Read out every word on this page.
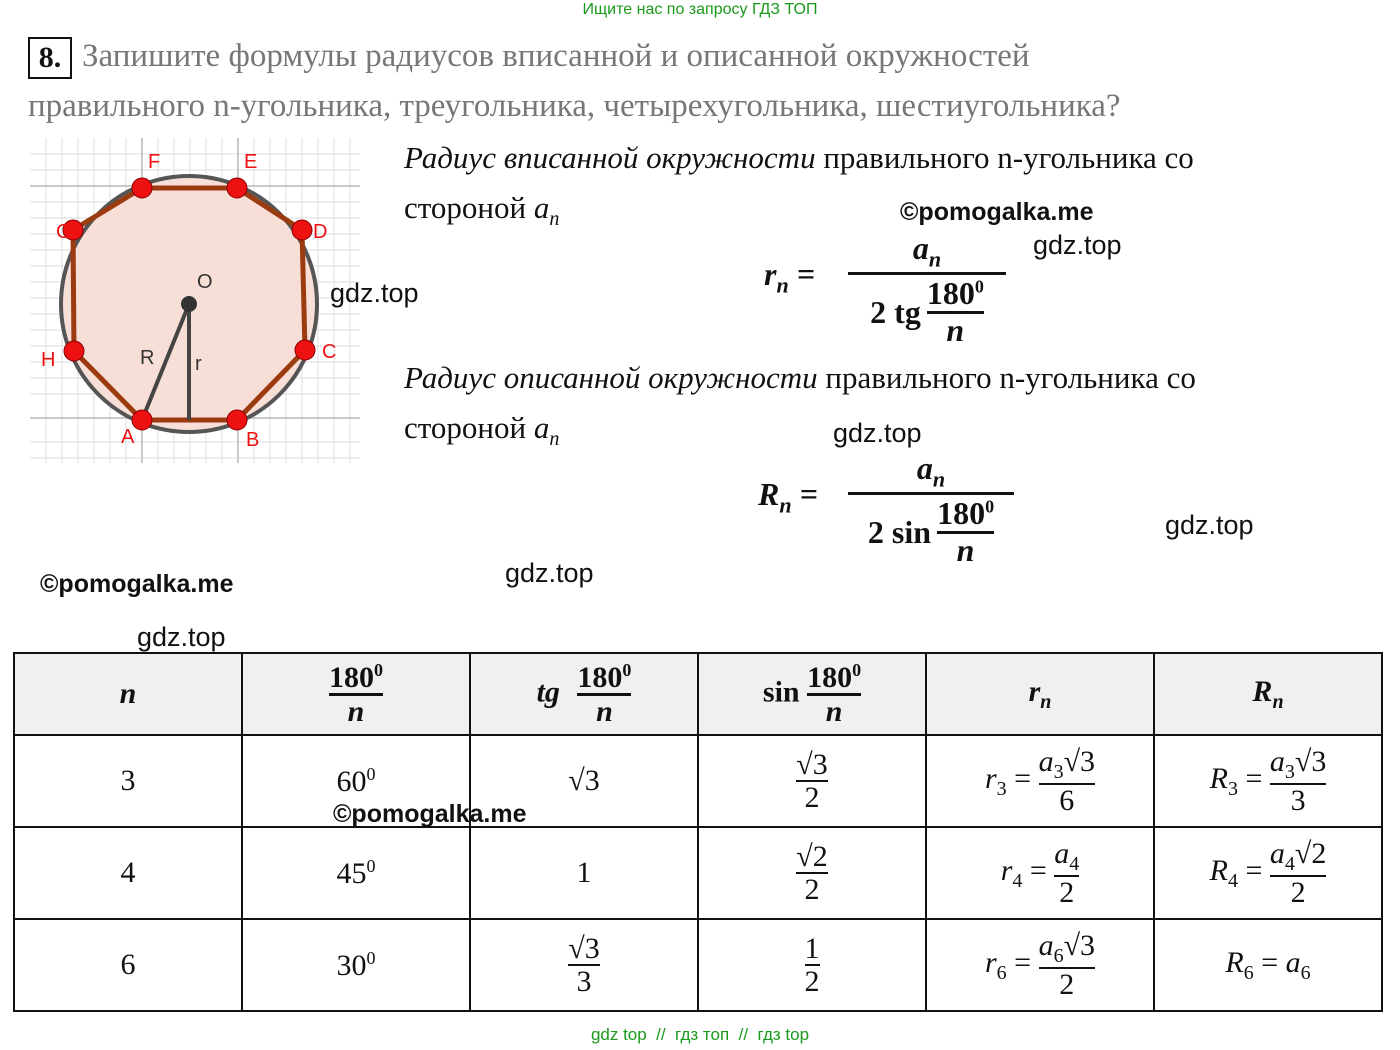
Ищите нас по запросу ГДЗ ТОП
8. Запишите формулы радиусов вписанной и описанной окружностей
правильного n-угольника, треугольника, четырехугольника, шестиугольника?
F	E
G	D
H	C
A	B
O
R r
Радиус вписанной окружности правильного n-угольника со
стороной $a_n$
$r_n$ =
$a_n$
2 tg
$180^0$
n
Радиус описанной окружности правильного n-угольника со
стороной $a_n$
$R_n$ =
$a_n$
2 sin
$180^0$
n
©pomogalka.me
gdz.top
gdz.top
gdz.top
gdz.top
gdz.top
©pomogalka.me
gdz.top
n	$\frac{180^0}{n}$	tg $\frac{180^0}{n}$	$\sin \frac{180^0}{n}$	$r_n$	$R_n$
3	$60^0$	√3	$\frac{√3}{2}$	$r_3 = \frac{a_3√3}{6}$	$R_3 = \frac{a_3√3}{3}$

4	$45^0$	1	$\frac{√2}{2}$	$r_4 = \frac{a_4}{2}$	$R_4 = \frac{a_4√2}{2}$

6	$30^0$	$\frac{√3}{3}$	$\frac{1}{2}$	$r_6 = \frac{a_6√3}{2}$	$R_6 = a_6$
©pomogalka.me
gdz top  //  гдз топ  //  гдз top
